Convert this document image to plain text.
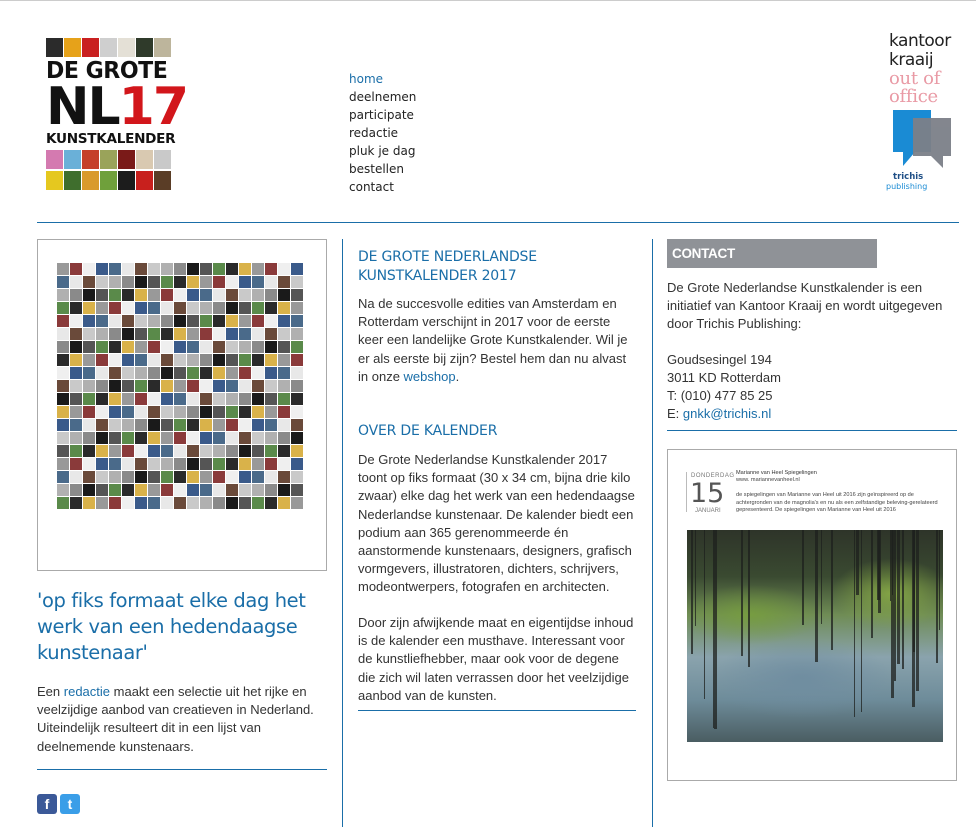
DE GROTE
NL17
KUNSTKALENDER
home
deelnemen
participate
redactie
pluk je dag
bestellen
contact
kantoor
kraaij
out of
office
trichis
publishing
'op fiks formaat elke dag het werk van een hedendaagse kunstenaar'

Een redactie maakt een selectie uit het rijke en veelzijdige aanbod van creatieven in Nederland. Uiteindelijk resulteert dit in een lijst van deelnemende kunstenaars.

f	t
DE GROTE NEDERLANDSE KUNSTKALENDER 2017

Na de succesvolle edities van Amsterdam en Rotterdam verschijnt in 2017 voor de eerste keer een landelijke Grote Kunstkalender. Wil je er als eerste bij zijn? Bestel hem dan nu alvast in onze webshop.

OVER DE KALENDER

De Grote Nederlandse Kunstkalender 2017 toont op fiks formaat (30 x 34 cm, bijna drie kilo zwaar) elke dag het werk van een hedendaagse Nederlandse kunstenaar. De kalender biedt een podium aan 365 gerenommeerde én aanstormende kunstenaars, designers, grafisch vormgevers, illustratoren, dichters, schrijvers, modeontwerpers, fotografen en architecten.

Door zijn afwijkende maat en eigentijdse inhoud is de kalender een musthave. Interessant voor de kunstliefhebber, maar ook voor de degene die zich wil laten verrassen door het veelzijdige aanbod van de kunsten.

CONTACT

De Grote Nederlandse Kunstkalender is een initiatief van Kantoor Kraaij en wordt uitgegeven door Trichis Publishing:

Goudsesingel 194

3011 KD Rotterdam

T: (010) 477 85 25

E: gnkk@trichis.nl

DONDERDAG
15
JANUARI
Marianne van Heel Spiegelingen
www. mariannevanheel.nl
de spiegelingen van Marianne van Heel uit 2016 zijn geïnspireerd op de achtergronden van de magnolia's en nu als een zelfstandige beleving-gerelateerd gepresenteerd. De spiegelingen van Marianne van Heel uit 2016
